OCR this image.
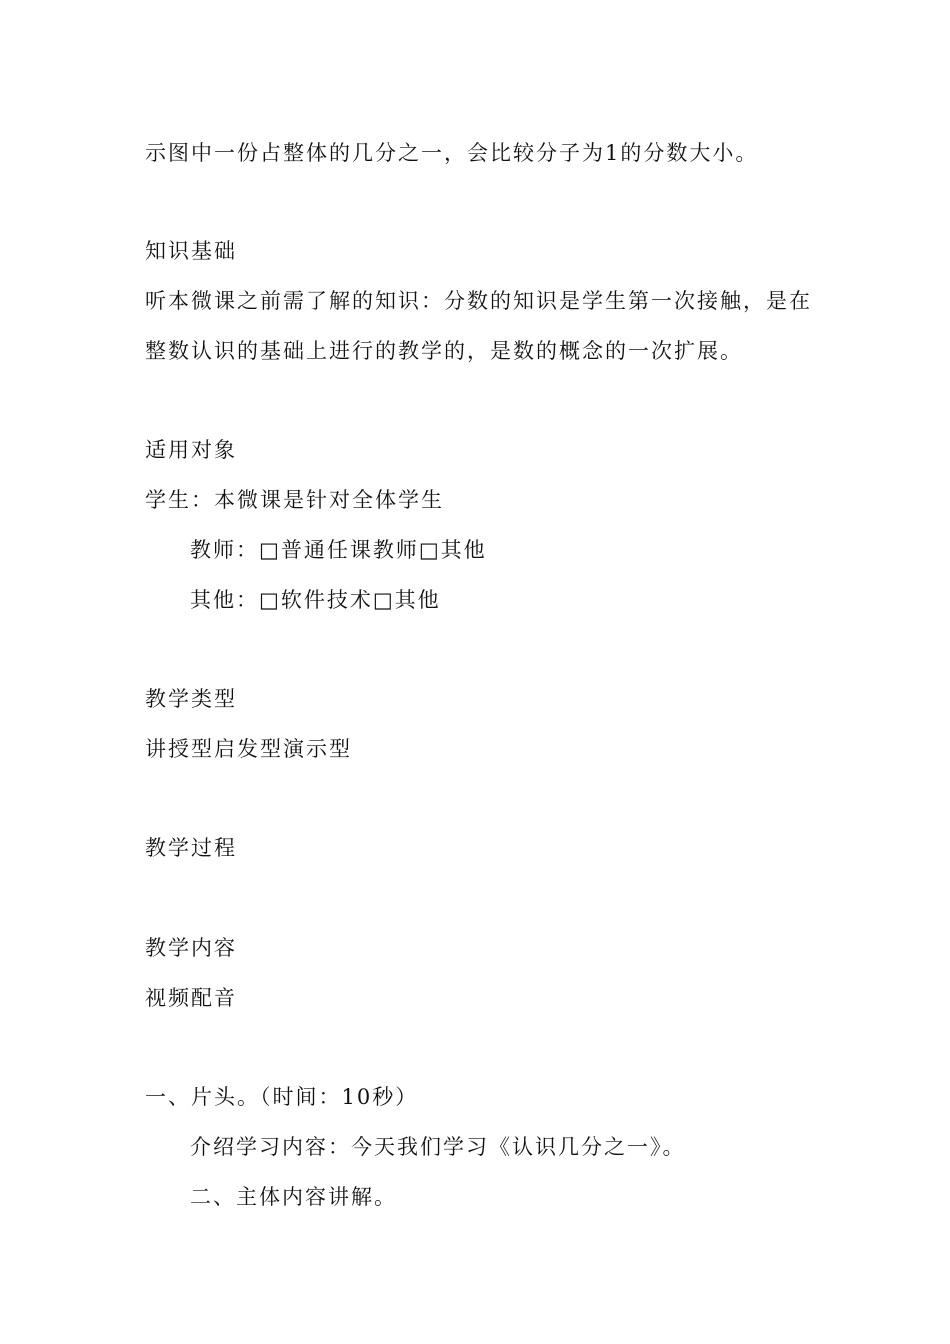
示图中一份占整体的几分之一，会比较分子为1的分数大小。
知识基础
听本微课之前需了解的知识：分数的知识是学生第一次接触，是在
整数认识的基础上进行的教学的，是数的概念的一次扩展。
适用对象
学生：本微课是针对全体学生
教师：□普通任课教师□其他
其他：□软件技术□其他
教学类型
讲授型启发型演示型
教学过程
教学内容
视频配音
一、片头。（时间：10秒）
介绍学习内容：今天我们学习《认识几分之一》。
二、主体内容讲解。
